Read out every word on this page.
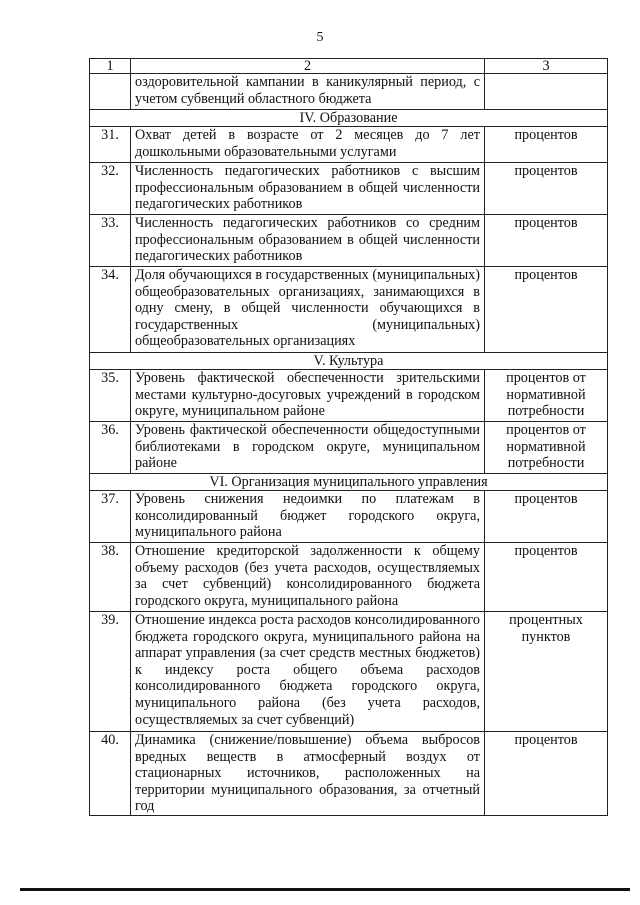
5
1	2	3
	оздоровительной кампании в каникулярный период, с учетом субвенций областного бюджета	
IV. Образование		
31.	Охват детей в возрасте от 2 месяцев до 7 лет дошкольными образовательными услугами	процентов
32.	Численность педагогических работников с высшим профессиональным образованием в общей численности педагогических работников	процентов
33.	Численность педагогических работников со средним профессиональным образованием в общей численности педагогических работников	процентов
34.	Доля обучающихся в государственных (муниципальных) общеобразовательных организациях, занимающихся в одну смену, в общей численности обучающихся в государственных (муниципальных) общеобразовательных организациях	процентов
V. Культура		
35.	Уровень фактической обеспеченности зрительскими местами культурно-досуговых учреждений в городском округе, муниципальном районе	процентов от нормативной потребности
36.	Уровень фактической обеспеченности общедоступными библиотеками в городском округе, муниципальном районе	процентов от нормативной потребности
VI. Организация муниципального управления		
37.	Уровень снижения недоимки по платежам в консолидированный бюджет городского округа, муниципального района	процентов
38.	Отношение кредиторской задолженности к общему объему расходов (без учета расходов, осуществляемых за счет субвенций) консолидированного бюджета городского округа, муниципального района	процентов
39.	Отношение индекса роста расходов консолидированного бюджета городского округа, муниципального района на аппарат управления (за счет средств местных бюджетов) к индексу роста общего объема расходов консолидированного бюджета городского округа, муниципального района (без учета расходов, осуществляемых за счет субвенций)	процентных пунктов
40.	Динамика (снижение/повышение) объема выбросов вредных веществ в атмосферный воздух от стационарных источников, расположенных на территории муниципального образования, за отчетный год	процентов
